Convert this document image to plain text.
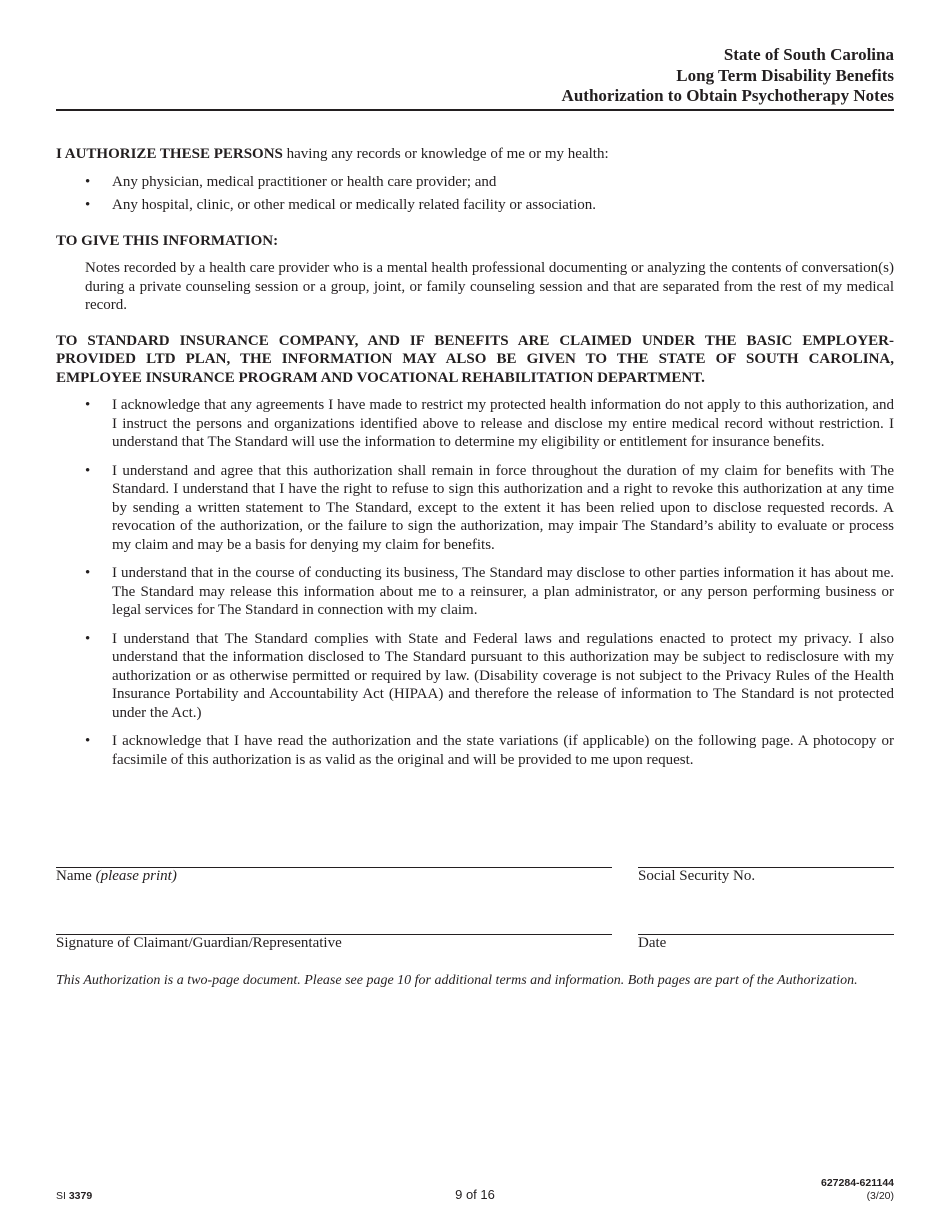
State of South Carolina
Long Term Disability Benefits
Authorization to Obtain Psychotherapy Notes

I AUTHORIZE THESE PERSONS having any records or knowledge of me or my health:

•	Any physician, medical practitioner or health care provider; and
•	Any hospital, clinic, or other medical or medically related facility or association.

TO GIVE THIS INFORMATION:

Notes recorded by a health care provider who is a mental health professional documenting or analyzing the contents of conversation(s) during a private counseling session or a group, joint, or family counseling session and that are separated from the rest of my medical record.

TO STANDARD INSURANCE COMPANY, AND IF BENEFITS ARE CLAIMED UNDER THE BASIC EMPLOYER-PROVIDED LTD PLAN, THE INFORMATION MAY ALSO BE GIVEN TO THE STATE OF SOUTH CAROLINA, EMPLOYEE INSURANCE PROGRAM AND VOCATIONAL REHABILITATION DEPARTMENT.

•	I acknowledge that any agreements I have made to restrict my protected health information do not apply to this authorization, and I instruct the persons and organizations identified above to release and disclose my entire medical record without restriction. I understand that The Standard will use the information to determine my eligibility or entitlement for insurance benefits.
•	I understand and agree that this authorization shall remain in force throughout the duration of my claim for benefits with The Standard. I understand that I have the right to refuse to sign this authorization and a right to revoke this authorization at any time by sending a written statement to The Standard, except to the extent it has been relied upon to disclose requested records. A revocation of the authorization, or the failure to sign the authorization, may impair The Standard’s ability to evaluate or process my claim and may be a basis for denying my claim for benefits.
•	I understand that in the course of conducting its business, The Standard may disclose to other parties information it has about me. The Standard may release this information about me to a reinsurer, a plan administrator, or any person performing business or legal services for The Standard in connection with my claim.
•	I understand that The Standard complies with State and Federal laws and regulations enacted to protect my privacy. I also understand that the information disclosed to The Standard pursuant to this authorization may be subject to redisclosure with my authorization or as otherwise permitted or required by law. (Disability coverage is not subject to the Privacy Rules of the Health Insurance Portability and Accountability Act (HIPAA) and therefore the release of information to The Standard is not protected under the Act.)
•	I acknowledge that I have read the authorization and the state variations (if applicable) on the following page. A photocopy or facsimile of this authorization is as valid as the original and will be provided to me upon request.
Name (please print)	Social Security No.
Signature of Claimant/Guardian/Representative	Date
This Authorization is a two-page document. Please see page 10 for additional terms and information. Both pages are part of the Authorization.
SI 3379	9 of 16
627284-621144
(3/20)
